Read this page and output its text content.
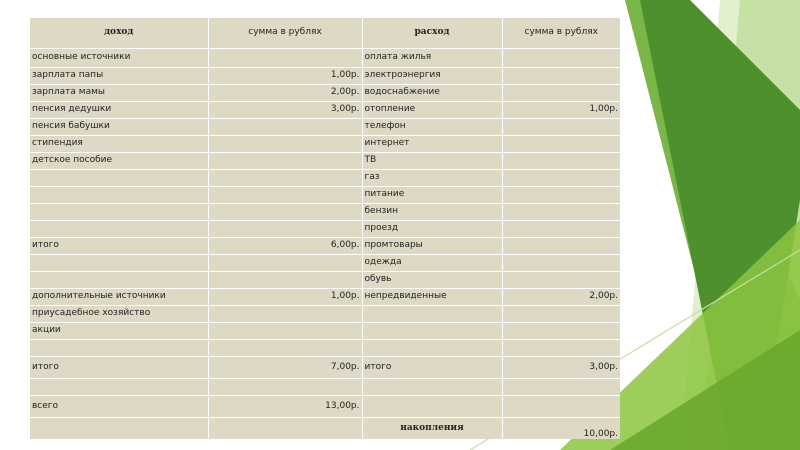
доход	сумма в рублях	расход	сумма в рублях
основные источники		оплата жилья	
зарплата папы	1,00р.	электроэнергия	
зарплата мамы	2,00р.	водоснабжение	
пенсия дедушки	3,00р.	отопление	1,00р.
пенсия бабушки		телефон	
стипендия		интернет	
детское пособие		ТВ	
		газ	
		питание	
		бензин	
		проезд	
итого	6,00р.	промтовары	
		одежда	
		обувь	
дополнительные источники	1,00р.	непредвиденные	2,00р.
приусадебное хозяйство			
акции			

итого	7,00р.	итого	3,00р.

всего	13,00р.		
		накопления	10,00р.
